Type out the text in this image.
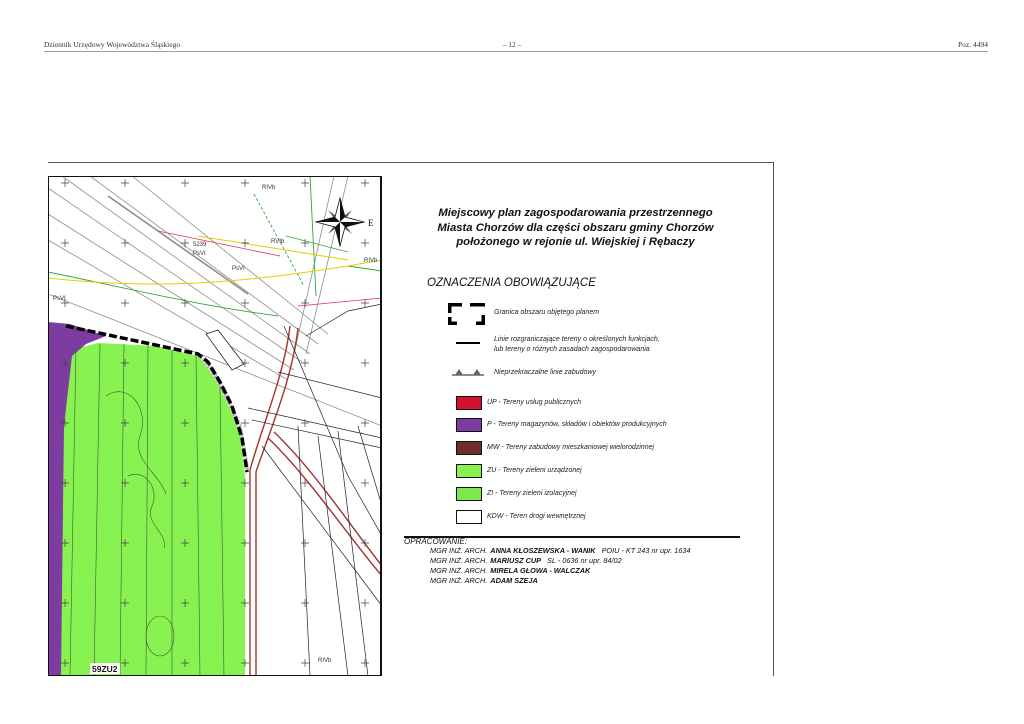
Dziennik Urzędowy Województwa Śląskiego	– 12 –	Poz. 4494
E
RIVb
5239
PsVI
PsVI
RVIb
PsVI
RIVb
RIVb
59ZU2
Miejscowy plan zagospodarowania przestrzennego
Miasta Chorzów dla części obszaru gminy Chorzów
położonego w rejonie ul. Wiejskiej i Rębaczy
OZNACZENIA OBOWIĄZUJĄCE
Granica obszaru objętego planem
Linie rozgraniczające tereny o określonych funkcjach,
lub tereny o różnych zasadach zagospodarowania
Nieprzekraczalne linie zabudowy
UP - Tereny usług publicznych
P - Tereny magazynów, składów i obiektów produkcyjnych
MW - Tereny zabudowy mieszkaniowej wielorodzinnej
ZU - Tereny zieleni urządzonej
ZI - Tereny zieleni izolacyjnej
KDW - Teren drogi wewnętrznej
OPRACOWANIE:
MGR INŻ. ARCH. ANNA KŁOSZEWSKA - WANIK POIU - KT 243 nr upr. 1634
MGR INŻ. ARCH. MARIUSZ CUP SL - 0636 nr upr. 84/02
MGR INŻ. ARCH. MIRELA GŁOWA - WALCZAK
MGR INŻ. ARCH. ADAM SZEJA
